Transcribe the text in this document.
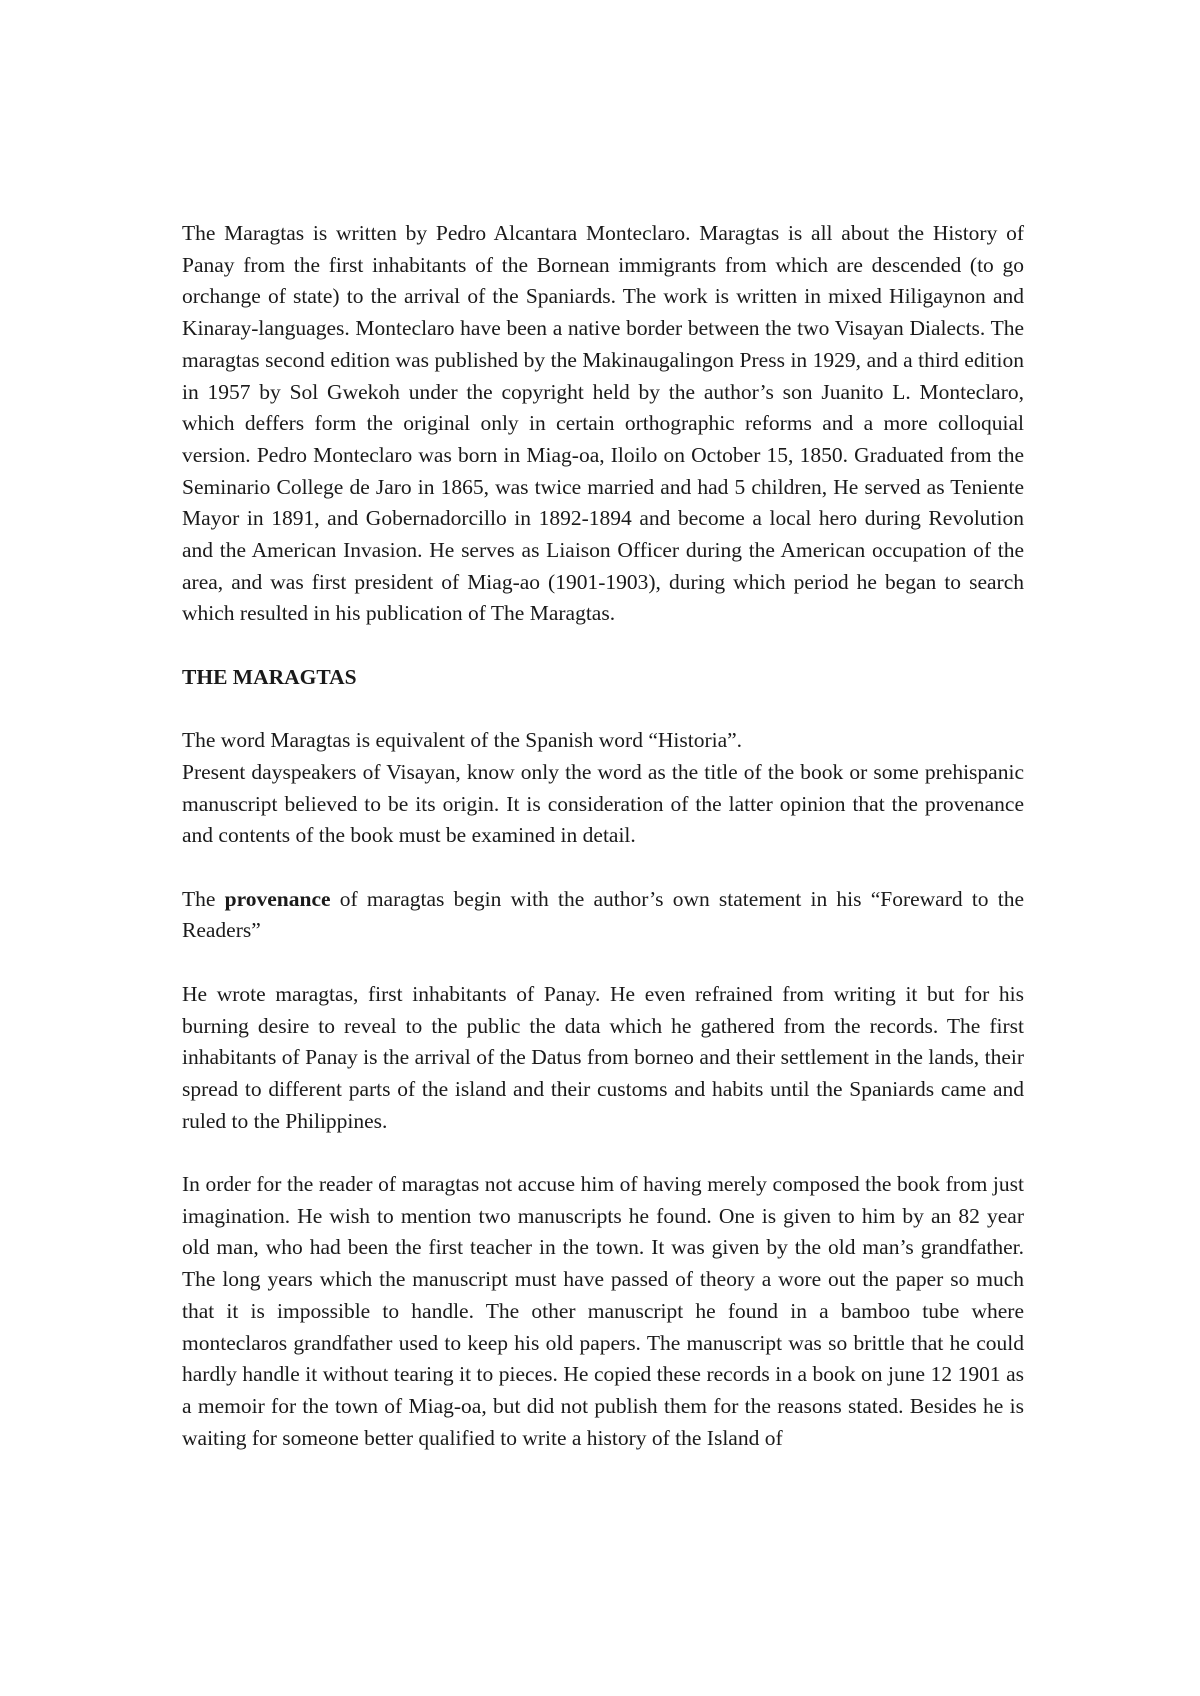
The Maragtas is written by Pedro Alcantara Monteclaro. Maragtas is all about the History of Panay from the first inhabitants of the Bornean immigrants from which are descended (to go orchange of state) to the arrival of the Spaniards. The work is written in mixed Hiligaynon and Kinaray-languages. Monteclaro have been a native border between the two Visayan Dialects. The maragtas second edition was published by the Makinaugalingon Press in 1929, and a third edition in 1957 by Sol Gwekoh under the copyright held by the author’s son Juanito L. Monteclaro, which deffers form the original only in certain orthographic reforms and a more colloquial version. Pedro Monteclaro was born in Miag-oa, Iloilo on October 15, 1850. Graduated from the Seminario College de Jaro in 1865, was twice married and had 5 children, He served as Teniente Mayor in 1891, and Gobernadorcillo in 1892-1894 and become a local hero during Revolution and the American Invasion. He serves as Liaison Officer during the American occupation of the area, and was first president of Miag-ao (1901-1903), during which period he began to search which resulted in his publication of The Maragtas.

THE MARAGTAS

The word Maragtas is equivalent of the Spanish word “Historia”.

Present dayspeakers of Visayan, know only the word as the title of the book or some prehispanic manuscript believed to be its origin. It is consideration of the latter opinion that the provenance and contents of the book must be examined in detail.

The provenance of maragtas begin with the author’s own statement in his “Foreward to the Readers”

He wrote maragtas, first inhabitants of Panay. He even refrained from writing it but for his burning desire to reveal to the public the data which he gathered from the records. The first inhabitants of Panay is the arrival of the Datus from borneo and their settlement in the lands, their spread to different parts of the island and their customs and habits until the Spaniards came and ruled to the Philippines.

In order for the reader of maragtas not accuse him of having merely composed the book from just imagination. He wish to mention two manuscripts he found. One is given to him by an 82 year old man, who had been the first teacher in the town. It was given by the old man’s grandfather. The long years which the manuscript must have passed of theory a wore out the paper so much that it is impossible to handle. The other manuscript he found in a bamboo tube where monteclaros grandfather used to keep his old papers. The manuscript was so brittle that he could hardly handle it without tearing it to pieces. He copied these records in a book on june 12 1901 as a memoir for the town of Miag-oa, but did not publish them for the reasons stated. Besides he is waiting for someone better qualified to write a history of the Island of
